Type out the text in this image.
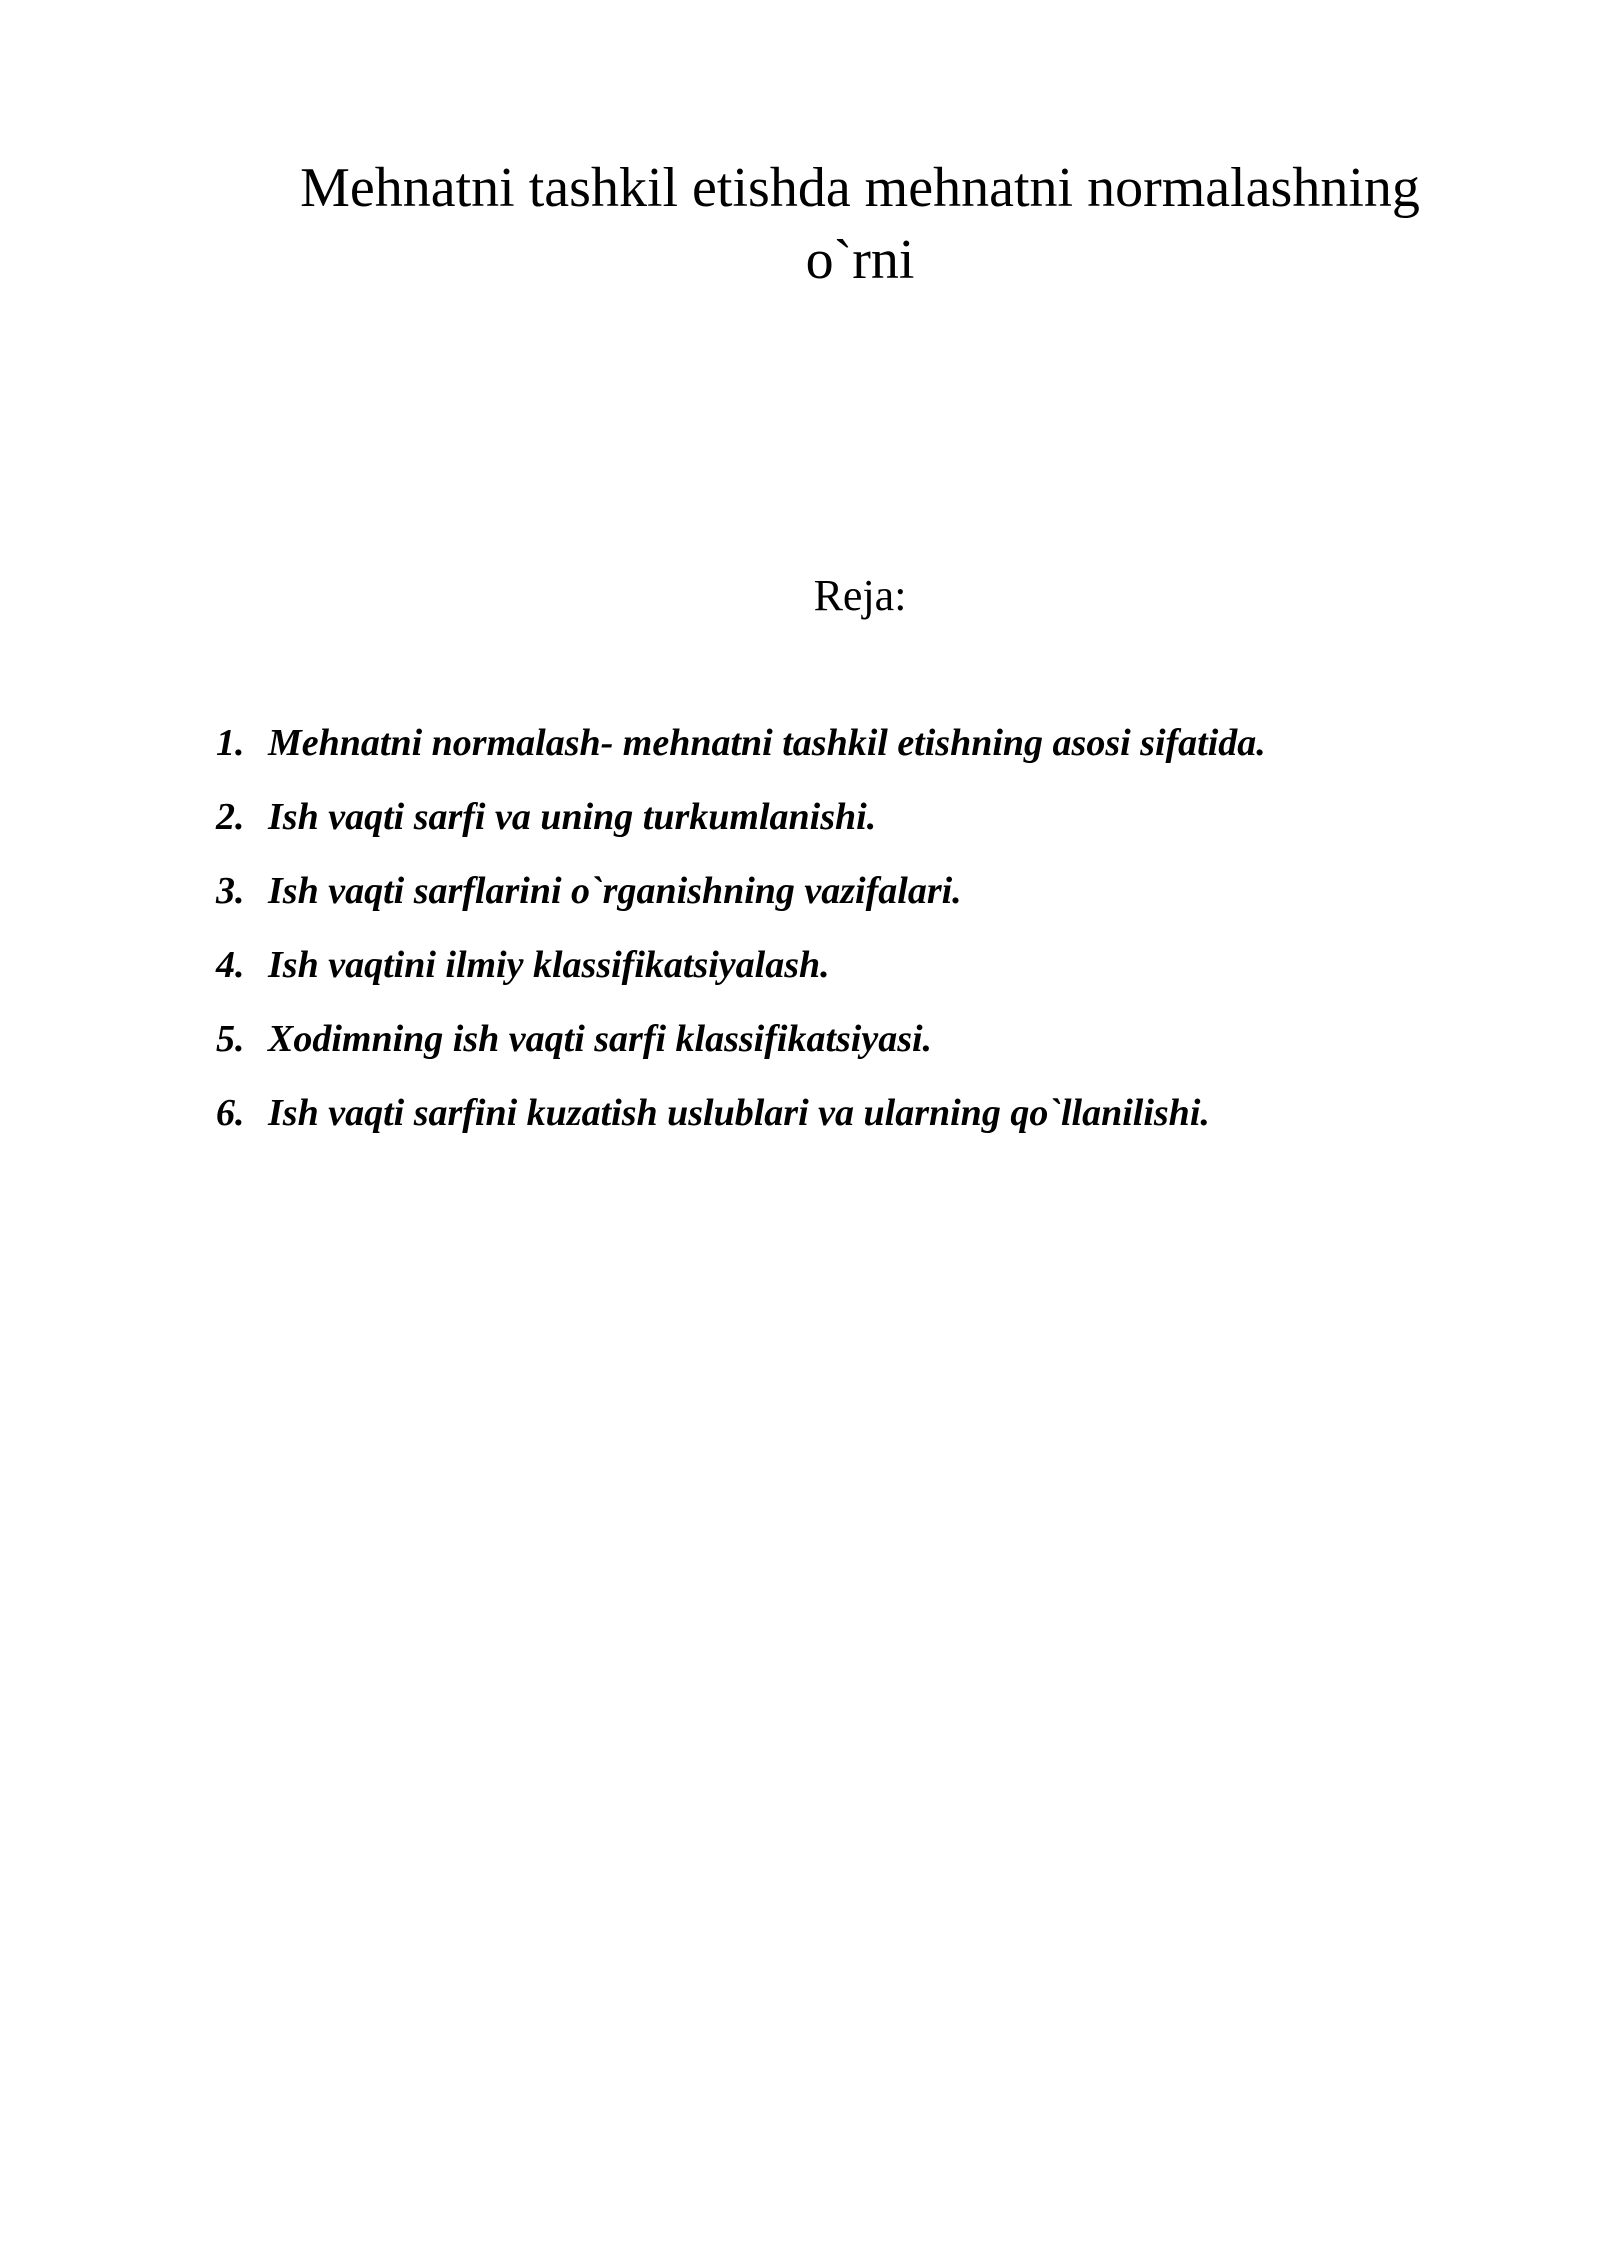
Mehnatni tashkil etishda mehnatni normalashning
o`rni

Reja:

1. Mehnatni normalash- mehnatni tashkil etishning asosi sifatida.
2. Ish vaqti sarfi va uning turkumlanishi.
3. Ish vaqti sarflarini o`rganishning vazifalari.
4. Ish vaqtini ilmiy klassifikatsiyalash.
5. Xodimning ish vaqti sarfi klassifikatsiyasi.
6. Ish vaqti sarfini kuzatish uslublari va ularning qo`llanilishi.
